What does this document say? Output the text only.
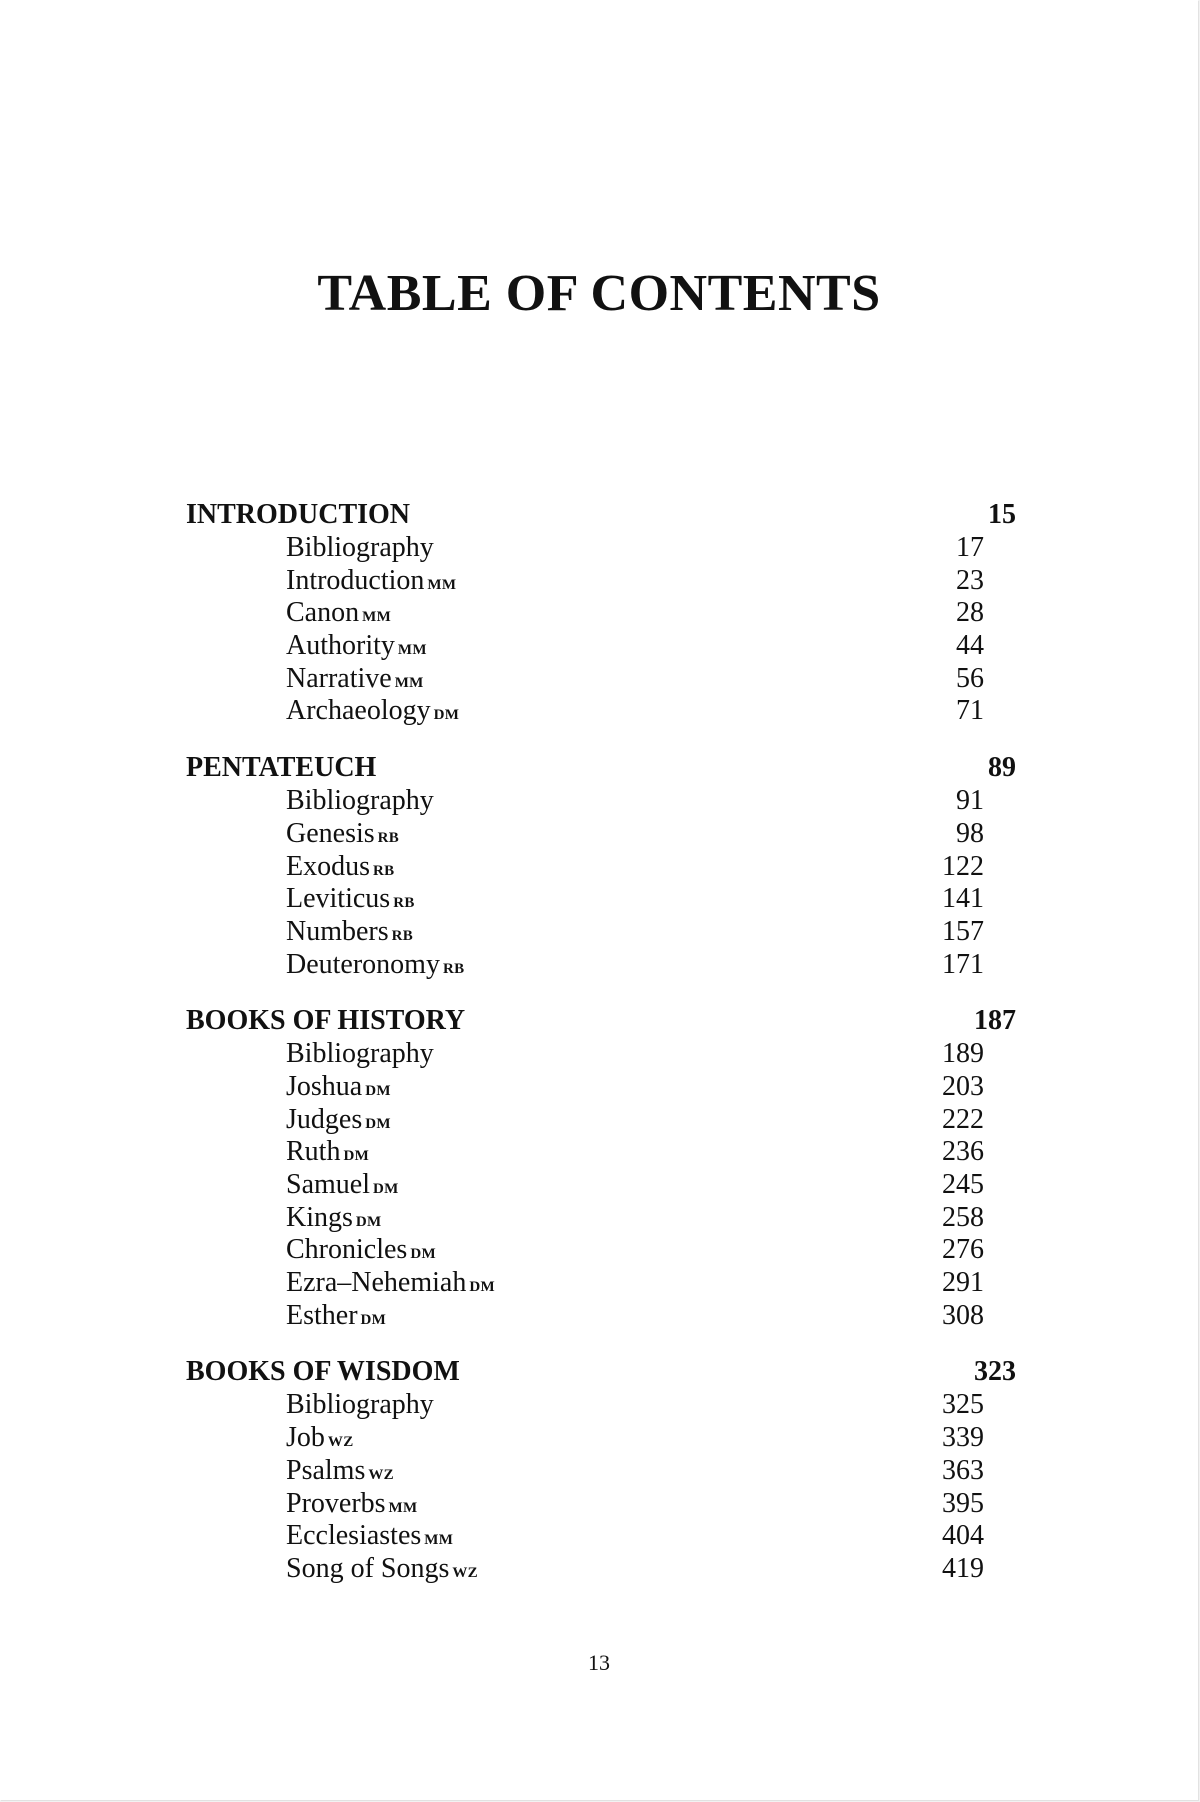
TABLE OF CONTENTS
INTRODUCTION	15
Bibliography	17
Introduction MM	23
Canon MM	28
Authority MM	44
Narrative MM	56
Archaeology DM	71
PENTATEUCH	89
Bibliography	91
Genesis RB	98
Exodus RB	122
Leviticus RB	141
Numbers RB	157
Deuteronomy RB	171
BOOKS OF HISTORY	187
Bibliography	189
Joshua DM	203
Judges DM	222
Ruth DM	236
Samuel DM	245
Kings DM	258
Chronicles DM	276
Ezra–Nehemiah DM	291
Esther DM	308
BOOKS OF WISDOM	323
Bibliography	325
Job WZ	339
Psalms WZ	363
Proverbs MM	395
Ecclesiastes MM	404
Song of Songs WZ	419
13
